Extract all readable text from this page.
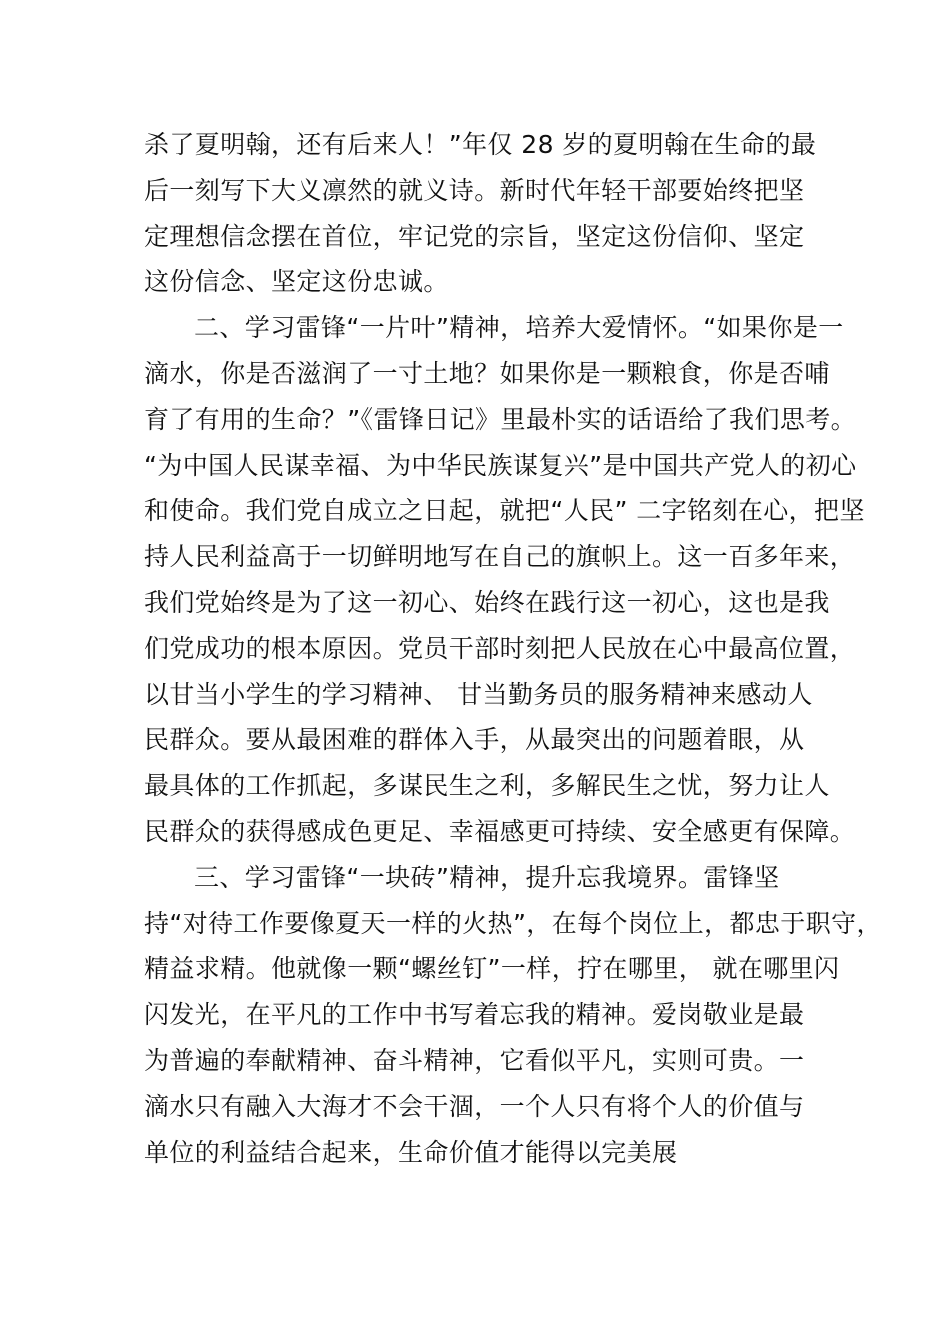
杀了夏明翰，还有后来人！”年仅 28 岁的夏明翰在生命的最
后一刻写下大义凛然的就义诗。新时代年轻干部要始终把坚
定理想信念摆在首位，牢记党的宗旨，坚定这份信仰、坚定
这份信念、坚定这份忠诚。
二、学习雷锋“一片叶”精神，培养大爱情怀。“如果你是一
滴水，你是否滋润了一寸土地？如果你是一颗粮食，你是否哺
育了有用的生命？”《雷锋日记》里最朴实的话语给了我们思考。
“为中国人民谋幸福、为中华民族谋复兴”是中国共产党人的初心
和使命。我们党自成立之日起，就把“人民” 二字铭刻在心，把坚
持人民利益高于一切鲜明地写在自己的旗帜上。这一百多年来，
我们党始终是为了这一初心、始终在践行这一初心，这也是我
们党成功的根本原因。党员干部时刻把人民放在心中最高位置，
以甘当小学生的学习精神、 甘当勤务员的服务精神来感动人
民群众。要从最困难的群体入手，从最突出的问题着眼，从
最具体的工作抓起，多谋民生之利，多解民生之忧，努力让人
民群众的获得感成色更足、幸福感更可持续、安全感更有保障。
三、学习雷锋“一块砖”精神，提升忘我境界。雷锋坚
持“对待工作要像夏天一样的火热”，在每个岗位上，都忠于职守，
精益求精。他就像一颗“螺丝钉”一样，拧在哪里， 就在哪里闪
闪发光，在平凡的工作中书写着忘我的精神。爱岗敬业是最
为普遍的奉献精神、奋斗精神，它看似平凡，实则可贵。一
滴水只有融入大海才不会干涸，一个人只有将个人的价值与
单位的利益结合起来，生命价值才能得以完美展
